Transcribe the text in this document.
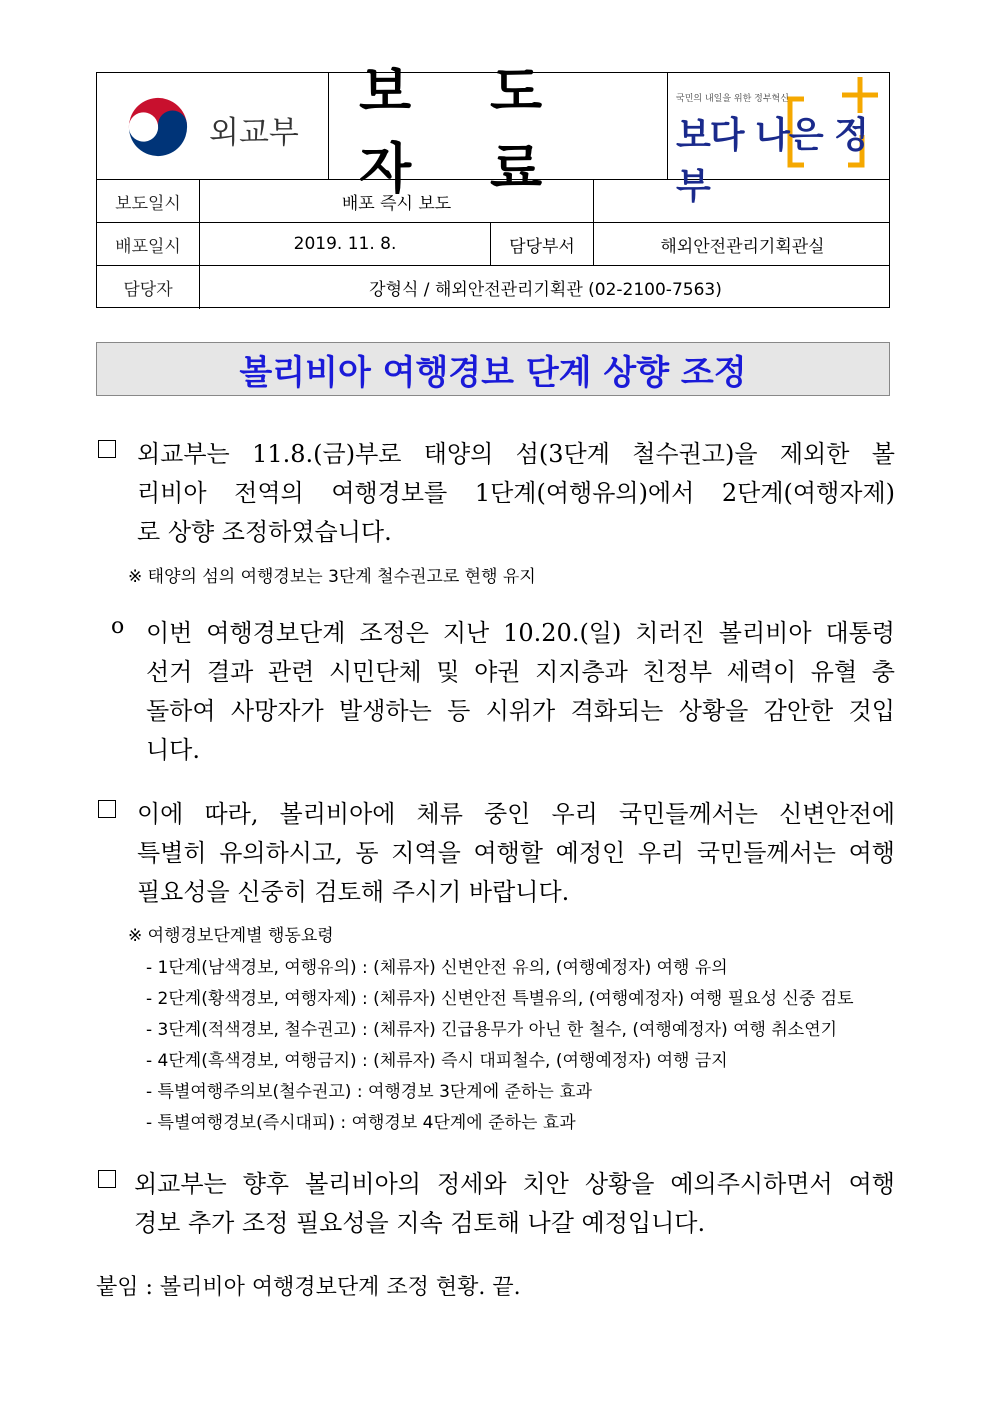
외교부
보 도 자 료
국민의 내일을 위한 정부혁신
보다 나은 정부
보도일시	배포 즉시 보도
배포일시	2019. 11. 8.	담당부서	해외안전관리기획관실
담당자	강형식 / 해외안전관리기획관 (02-2100-7563)
볼리비아 여행경보 단계 상향 조정
외교부는 11.8.(금)부로 태양의 섬(3단계 철수권고)을 제외한 볼
리비아 전역의 여행경보를 1단계(여행유의)에서 2단계(여행자제)
로 상향 조정하였습니다.
※ 태양의 섬의 여행경보는 3단계 철수권고로 현행 유지
o 이번 여행경보단계 조정은 지난 10.20.(일) 치러진 볼리비아 대통령
선거 결과 관련 시민단체 및 야권 지지층과 친정부 세력이 유혈 충
돌하여 사망자가 발생하는 등 시위가 격화되는 상황을 감안한 것입
니다.
이에 따라, 볼리비아에 체류 중인 우리 국민들께서는 신변안전에
특별히 유의하시고, 동 지역을 여행할 예정인 우리 국민들께서는 여행
필요성을 신중히 검토해 주시기 바랍니다.
※ 여행경보단계별 행동요령
- 1단계(남색경보, 여행유의) : (체류자) 신변안전 유의, (여행예정자) 여행 유의
- 2단계(황색경보, 여행자제) : (체류자) 신변안전 특별유의, (여행예정자) 여행 필요성 신중 검토
- 3단계(적색경보, 철수권고) : (체류자) 긴급용무가 아닌 한 철수, (여행예정자) 여행 취소연기
- 4단계(흑색경보, 여행금지) : (체류자) 즉시 대피철수, (여행예정자) 여행 금지
- 특별여행주의보(철수권고) : 여행경보 3단계에 준하는 효과
- 특별여행경보(즉시대피) : 여행경보 4단계에 준하는 효과
외교부는 향후 볼리비아의 정세와 치안 상황을 예의주시하면서 여행
경보 추가 조정 필요성을 지속 검토해 나갈 예정입니다.
붙임 : 볼리비아 여행경보단계 조정 현황. 끝.
